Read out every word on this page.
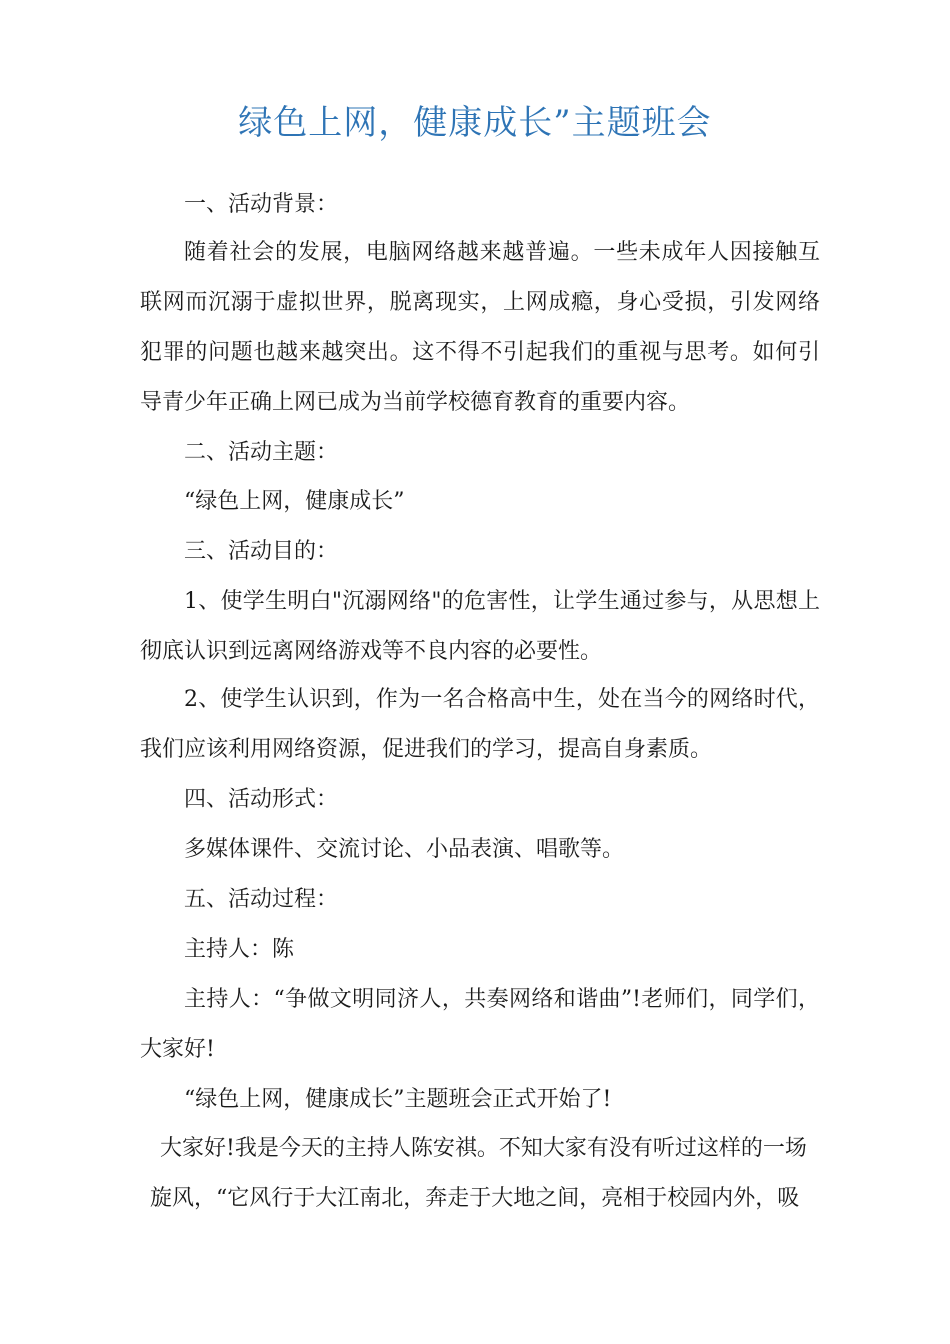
绿色上网，健康成长”主题班会

一、活动背景：

随着社会的发展，电脑网络越来越普遍。一些未成年人因接触互联网而沉溺于虚拟世界，脱离现实，上网成瘾，身心受损，引发网络犯罪的问题也越来越突出。这不得不引起我们的重视与思考。如何引导青少年正确上网已成为当前学校德育教育的重要内容。

二、活动主题：

“绿色上网，健康成长”

三、活动目的：

1、使学生明白"沉溺网络"的危害性，让学生通过参与，从思想上彻底认识到远离网络游戏等不良内容的必要性。

2、使学生认识到，作为一名合格高中生，处在当今的网络时代，我们应该利用网络资源，促进我们的学习，提高自身素质。

四、活动形式：

多媒体课件、交流讨论、小品表演、唱歌等。

五、活动过程：

主持人：陈

主持人：“争做文明同济人，共奏网络和谐曲”!老师们，同学们，大家好!

“绿色上网，健康成长”主题班会正式开始了!

大家好!我是今天的主持人陈安祺。不知大家有没有听过这样的一场

旋风，“它风行于大江南北，奔走于大地之间，亮相于校园内外，吸
